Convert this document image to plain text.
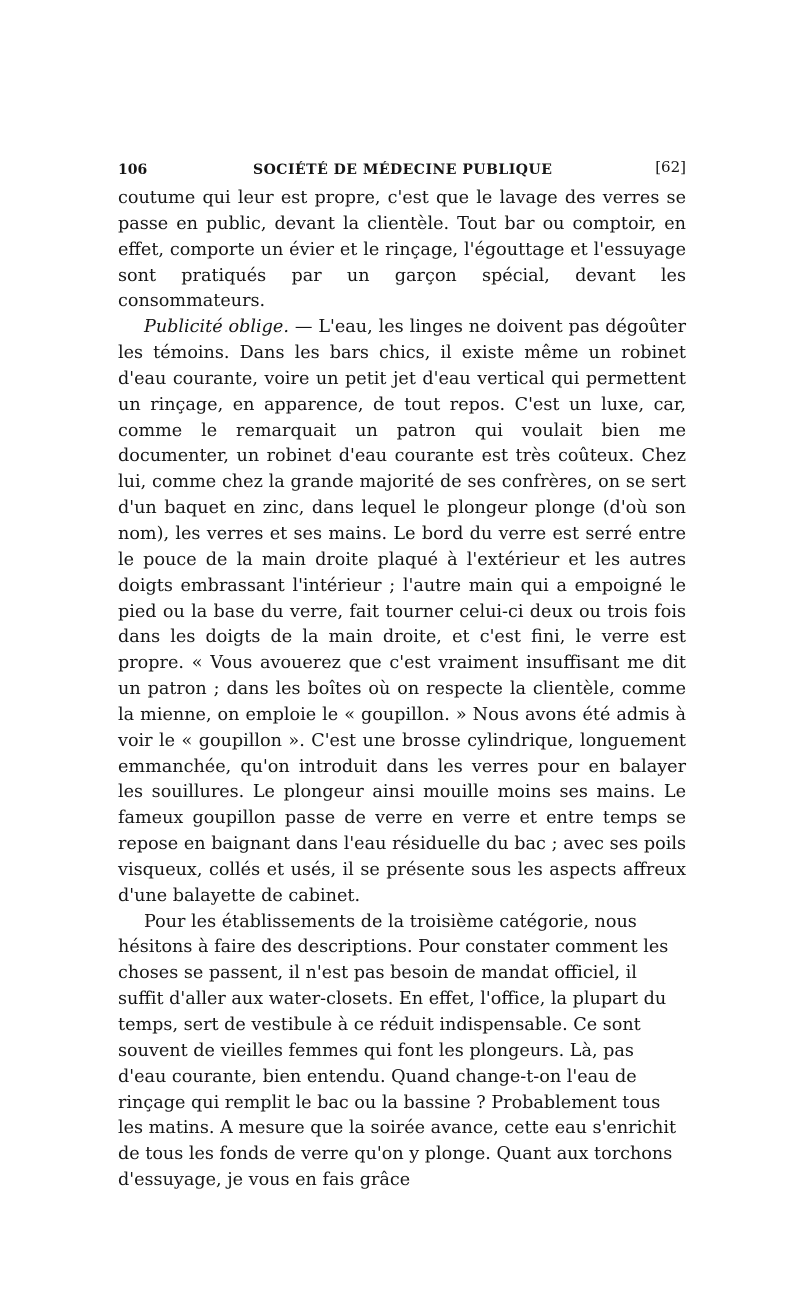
106	SOCIÉTÉ DE MÉDECINE PUBLIQUE	[62]

coutume qui leur est propre, c'est que le lavage des verres se passe en public, devant la clientèle. Tout bar ou comptoir, en effet, comporte un évier et le rinçage, l'égouttage et l'essuyage sont pratiqués par un garçon spécial, devant les consommateurs.

Publicité oblige. — L'eau, les linges ne doivent pas dégoûter les témoins. Dans les bars chics, il existe même un robinet d'eau courante, voire un petit jet d'eau vertical qui permettent un rinçage, en apparence, de tout repos. C'est un luxe, car, comme le remarquait un patron qui voulait bien me documenter, un robinet d'eau courante est très coûteux. Chez lui, comme chez la grande majorité de ses confrères, on se sert d'un baquet en zinc, dans lequel le plongeur plonge (d'où son nom), les verres et ses mains. Le bord du verre est serré entre le pouce de la main droite plaqué à l'extérieur et les autres doigts embrassant l'intérieur ; l'autre main qui a empoigné le pied ou la base du verre, fait tourner celui-ci deux ou trois fois dans les doigts de la main droite, et c'est fini, le verre est propre. « Vous avouerez que c'est vraiment insuffisant me dit un patron ; dans les boîtes où on respecte la clientèle, comme la mienne, on emploie le « goupillon. » Nous avons été admis à voir le « goupillon ». C'est une brosse cylindrique, longuement emmanchée, qu'on introduit dans les verres pour en balayer les souillures. Le plongeur ainsi mouille moins ses mains. Le fameux goupillon passe de verre en verre et entre temps se repose en baignant dans l'eau résiduelle du bac ; avec ses poils visqueux, collés et usés, il se présente sous les aspects affreux d'une balayette de cabinet.

Pour les établissements de la troisième catégorie, nous hésitons à faire des descriptions. Pour constater comment les choses se passent, il n'est pas besoin de mandat officiel, il suffit d'aller aux water-closets. En effet, l'office, la plupart du temps, sert de vestibule à ce réduit indispensable. Ce sont souvent de vieilles femmes qui font les plongeurs. Là, pas d'eau courante, bien entendu. Quand change-t-on l'eau de rinçage qui remplit le bac ou la bassine ? Probablement tous les matins. A mesure que la soirée avance, cette eau s'enrichit de tous les fonds de verre qu'on y plonge. Quant aux torchons d'essuyage, je vous en fais grâce
